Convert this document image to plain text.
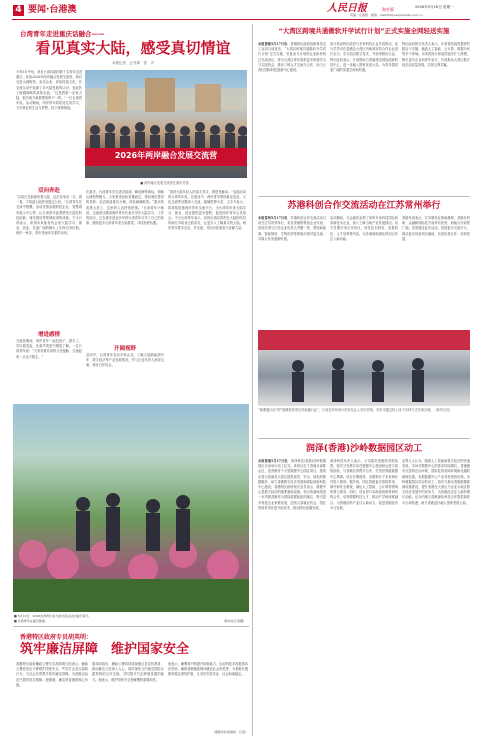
4 要闻·台港澳	人民日报	海外版	2026年5月18日 星期一
责编：任国强　邮箱：hwbzfd@peopledaily.com.cn
台湾青年走进重庆话融合——
看见真实大陆，感受真切情谊
本报记者　汪灵犀　张　尹
今年5月中旬，来自台湾各地的数十名青年走进重庆，参加2026年两岸融合发展交流营。他们走进山城街巷、参访企业、体验传统文化，在交流互动中加深了对大陆发展的认识，也收获了跨越海峡的真挚友谊。“这是我第一次来大陆，很多地方和我想象的不一样。”一位台湾青年说。活动期间，两岸青年同吃同住同学习，分享彼此的生活与梦想，结下深厚情谊。
2026年两岸融合发展交流营
■ 两岸融合发展交流营在重庆开营。
双向奔赴
“以前只在新闻里看大陆，这次亲身走一走、看一看，才知道大陆的发展这么快。”台湾青年在交流中感慨。活动安排参观科技企业、智慧城市展示中心等，让台湾青年直观感受大陆在科技创新、城市建设等领域取得的成就。不少台青表示，希望未来能有机会来大陆学习、就业、创业，在更广阔的舞台上实现自身价值。两岸一家亲，青年是两岸关系的未来。
增进感情
交流营期间，两岸青年一起包饺子、做手工、学川剧变脸，在欢声笑语中增进了解。一位台湾青年说：“大家有着共同的文化根脉，交流起来一点也不陌生。”
在重庆，台湾青年们走进洪崖洞、解放碑等地标，领略山城独特魅力。大家乘坐轻轨穿楼而过，感叹城市建设的奇妙；品尝地道重庆火锅，体验麻辣鲜香。“重庆的夜景太美了，这里的人也特别热情。”台湾青年小林说。交流营还邀请两岸青年代表分享在大陆学习、工作的经历。已在重庆创业多年的台湾青年分享了自己的故事，鼓励更多台湾青年来大陆看看，寻找发展机遇。
开阔视野
活动中，台湾青年参访多家企业，了解大陆新能源汽车、数字经济等产业发展情况，并与企业负责人座谈交流，探讨合作机会。
“看到大陆年轻人的奋斗劲头，我很受触动。”参加活动的台湾青年说。在座谈中，两岸青年围绕就业创业、文化交流等话题深入交流，碰撞思想火花。主办方表示，将持续搭建两岸青年交流平台，为台湾青年来大陆学习、就业、创业提供更多便利，促进两岸青年心灵契合。不少台湾青年表示，回到台湾后将把在大陆的所见所闻分享给身边的亲友，让更多人了解真实的大陆。两岸青年要多走动、多交流，共同为民族复兴贡献力量。
■ 5月16日，2026台湾青年来大陆交流活动在重庆举行。
■ 台湾青年在重庆参观。	（新华社记者摄）
香港特区政府专员胡英明：
筑牢廉洁屏障　维护国家安全
香港特区政府廉政公署专员胡英明日前表示，廉政公署将坚定不移维护国家安全，严厉打击贪污腐败行为，与社会各界携手筑牢廉洁屏障，为香港由治及兴提供坚实保障。他强调，廉洁是香港的核心价值。
胡英明指出，廉政公署将持续加强反贪宣传教育，推动廉洁文化深入人心，同时深化与内地及国际反腐机构的合作交流，共同提升打击跨境贪腐的能力。他表示，维护国家安全是廉署的重要职责。
他表示，廉署将不断提升调查能力，运用科技手段提高执法效率，确保香港继续保持廉洁社会的美誉，为香港长期繁荣稳定保驾护航，让市民安居乐业、社会和谐稳定。
（据新华社香港电　记者）
“大湾区跨境共通微软开学试行计划”正式实施全网轻送实施
本报香港5月17日电　香港特区政府创新科技及工业局日前宣布，“大湾区跨境共通微软开学试行计划”正式实施，首批参与计划的企业和机构已完成登记，将为大湾区青年提供更多跨境学习与实践机会，推动三地人才交流与合作，助力大湾区国际科技创新中心建设。
该计划由特区政府与多家科技企业共同推动，参与学员可在香港及大湾区内地城市的合作企业进行实习，学习前沿数字技术，并获得相应认证。特区政府表示，计划将助力香港建设国际创新科技中心，进一步融入国家发展大局，为青年提供更广阔的发展空间和机遇。
特区政府相关负责人表示，计划首阶段将提供约数百个名额，涵盖人工智能、云计算、数据分析等多个领域。未来将视计划成效逐步扩大规模，吸引更多企业和青年参与，共同推动大湾区数字经济高质量发展，实现互利共赢。
苏港科创合作交流活动在江苏常州举行
本报常州5月17日电　苏港科创合作交流活动日前在江苏常州举行，来自香港的科创企业代表、高校学者与江苏企业负责人齐聚一堂，围绕新能源、智能制造、生物医药等领域开展对接交流，共谋合作发展新机遇。
活动期间，与会嘉宾参观了常州多家科技园区和高新技术企业，深入了解当地产业发展情况。双方签署多项合作协议，涉及技术研发、成果转化、人才培养等内容，为苏港两地深化科创合作注入新动能。
香港代表表示，江苏制造业基础雄厚，香港在科研、金融和国际化方面具有优势，两地合作前景广阔。希望通过此次活动，搭建更多交流平台，推动更多优质项目落地，实现优势互补、协同发展。
“港澳通行证”即“港澳居民来往内地通行证”，日前在苏州举行的发布会上首次亮相，市民可通过线上线下多种方式申请办理。（新华社发）
润泽(香港)沙岭数据园区动工
本报香港5月17日电　润泽科技(香港)沙岭数据园区日前举行动工仪式。该项目位于香港北部都会区，是香港首个大型数据中心园区项目，建成后将为香港及大湾区提供高效、安全、绿色的数据服务，助力香港数字经济发展和国际创新科技中心建设。香港特区政府相关官员表示，数据中心是数字经济的重要基础设施，项目的落地将进一步巩固香港作为国际数据枢纽的地位，吸引更多科技企业来港发展，创造大量就业机会。园区规划采用先进节能技术，推动绿色低碳发展。
润泽科技负责人表示，公司看好香港的发展前景，将充分发挥自身在数据中心建设和运营方面的经验，与香港各界携手合作，打造世界级数据中心集群。项目分期建设，首期预计于未来两年内投入使用。据介绍，园区将配备完善的供电、制冷和安全系统，满足人工智能、云计算等领域的算力需求。同时，项目将与本地高校和科研机构合作，培养数据科技人才，推动产学研深度融合，为香港创科产业注入新动力，促进香港经济多元发展。
业界人士认为，随着人工智能和数字经济的快速发展，市场对数据中心的需求持续增长。香港拥有完善的法治环境、国际化的营商环境和优越的地理位置，发展数据中心产业具有独特优势。沙岭数据园区项目的动工，将有力推动香港数据基础设施建设，提升香港在大湾区乃至亚太地区数字经济发展中的竞争力，为香港经济注入新的增长动能，也为内地与香港深化科技合作提供新的平台和机遇，助力香港更好融入国家发展大局。
